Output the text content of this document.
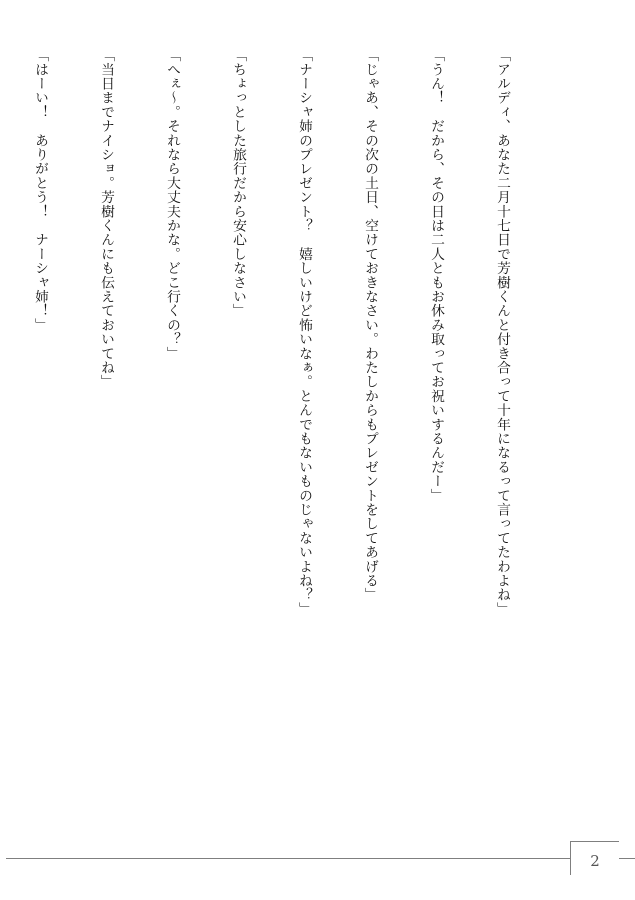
「アルディ、あなた二月十七日で芳樹くんと付き合って十年になるって言ってたわよね」

「うん！　だから、その日は二人ともお休み取ってお祝いするんだー」

「じゃあ、その次の土日、空けておきなさい。わたしからもプレゼントをしてあげる」

「ナーシャ姉のプレゼント？　嬉しいけど怖いなぁ。とんでもないものじゃないよね？」

「ちょっとした旅行だから安心しなさい」

「へぇ～。それなら大丈夫かな。どこ行くの？」

「当日までナイショ。芳樹くんにも伝えておいてね」

「はーい！　ありがとう！　ナーシャ姉！」

2
